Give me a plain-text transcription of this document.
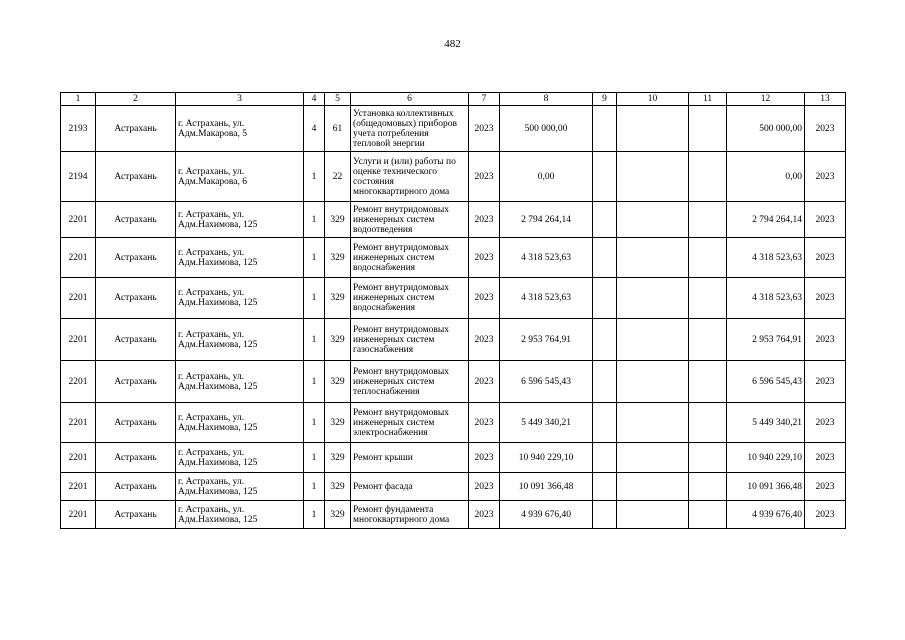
482
1	2	3	4	5	6	7	8	9	10	11	12	13
2193	Астрахань	г. Астрахань, ул. Адм.Макарова, 5	4	61	Установка коллективных (общедомовых) приборов учета потребления тепловой энергии	2023	500 000,00				500 000,00	2023
2194	Астрахань	г. Астрахань, ул. Адм.Макарова, 6	1	22	Услуги и (или) работы по оценке технического состояния многоквартирного дома	2023	0,00				0,00	2023
2201	Астрахань	г. Астрахань, ул. Адм.Нахимова, 125	1	329	Ремонт внутридомовых инженерных систем водоотведения	2023	2 794 264,14				2 794 264,14	2023
2201	Астрахань	г. Астрахань, ул. Адм.Нахимова, 125	1	329	Ремонт внутридомовых инженерных систем водоснабжения	2023	4 318 523,63				4 318 523,63	2023
2201	Астрахань	г. Астрахань, ул. Адм.Нахимова, 125	1	329	Ремонт внутридомовых инженерных систем водоснабжения	2023	4 318 523,63				4 318 523,63	2023
2201	Астрахань	г. Астрахань, ул. Адм.Нахимова, 125	1	329	Ремонт внутридомовых инженерных систем газоснабжения	2023	2 953 764,91				2 953 764,91	2023
2201	Астрахань	г. Астрахань, ул. Адм.Нахимова, 125	1	329	Ремонт внутридомовых инженерных систем теплоснабжения	2023	6 596 545,43				6 596 545,43	2023
2201	Астрахань	г. Астрахань, ул. Адм.Нахимова, 125	1	329	Ремонт внутридомовых инженерных систем электроснабжения	2023	5 449 340,21				5 449 340,21	2023
2201	Астрахань	г. Астрахань, ул. Адм.Нахимова, 125	1	329	Ремонт крыши	2023	10 940 229,10				10 940 229,10	2023
2201	Астрахань	г. Астрахань, ул. Адм.Нахимова, 125	1	329	Ремонт фасада	2023	10 091 366,48				10 091 366,48	2023
2201	Астрахань	г. Астрахань, ул. Адм.Нахимова, 125	1	329	Ремонт фундамента многоквартирного дома	2023	4 939 676,40				4 939 676,40	2023
